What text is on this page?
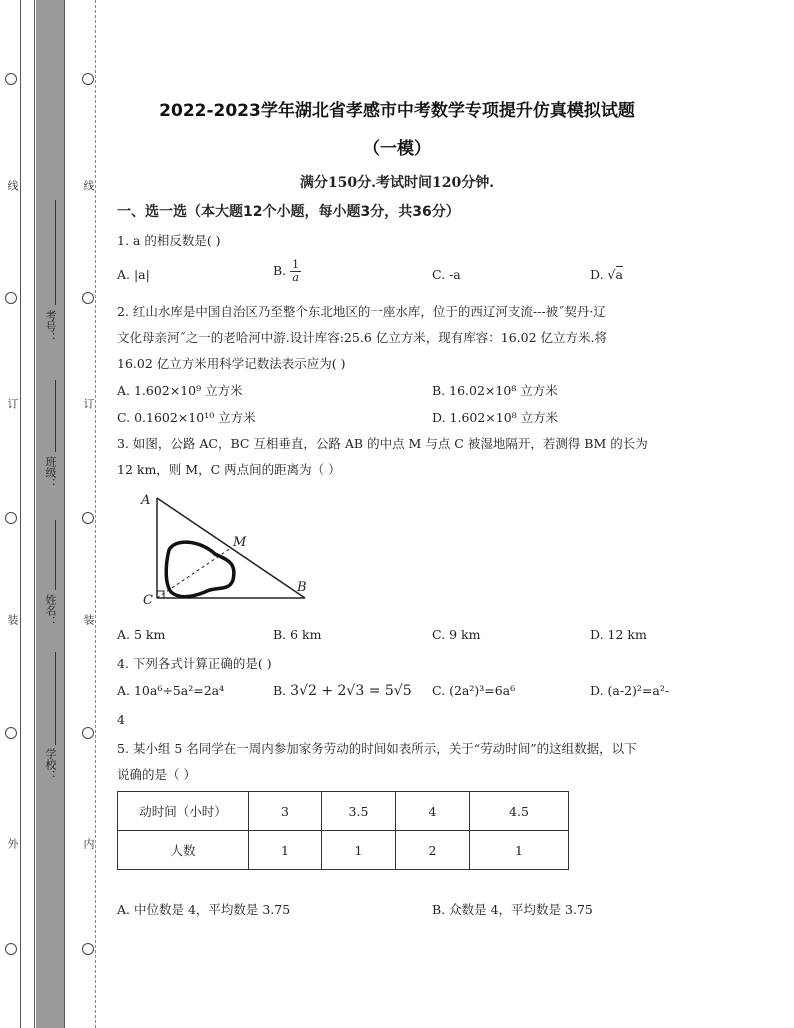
线
订
装
外
线
订
装
内
考号：
班级：
姓名：
学校：
2022-2023学年湖北省孝感市中考数学专项提升仿真模拟试题
（一模）
满分150分.考试时间120分钟.
一、选一选（本大题12个小题，每小题3分，共36分）
1. a 的相反数是( )
A. |a|	B. $\frac{1}{a}$	C. -a	D. √a
2. 红山水库是中国自治区乃至整个东北地区的一座水库，位于的西辽河支流---被˝契丹·辽
文化母亲河˝之一的老哈河中游.设计库容:25.6 亿立方米，现有库容：16.02 亿立方米.将
16.02 亿立方米用科学记数法表示应为( )
A. 1.602×10⁹ 立方米	B. 16.02×10⁸ 立方米
C. 0.1602×10¹⁰ 立方米	D. 1.602×10⁸ 立方米
3. 如图，公路 AC，BC 互相垂直，公路 AB 的中点 M 与点 C 被湿地隔开，若测得 BM 的长为
12 km，则 M，C 两点间的距离为（ ）
A
M
B
C
A. 5 km	B. 6 km	C. 9 km	D. 12 km
4. 下列各式计算正确的是( )
A. 10a⁶÷5a²=2a⁴	B. 3√2 + 2√3 = 5√5 C. (2a²)³=6a⁶	D. (a-2)²=a²-
4
5. 某小组 5 名同学在一周内参加家务劳动的时间如表所示，关于“劳动时间”的这组数据，以下
说确的是（ ）
动时间（小时）	3	3.5	4	4.5
人数	1	1	2	1
A. 中位数是 4，平均数是 3.75	B. 众数是 4，平均数是 3.75
